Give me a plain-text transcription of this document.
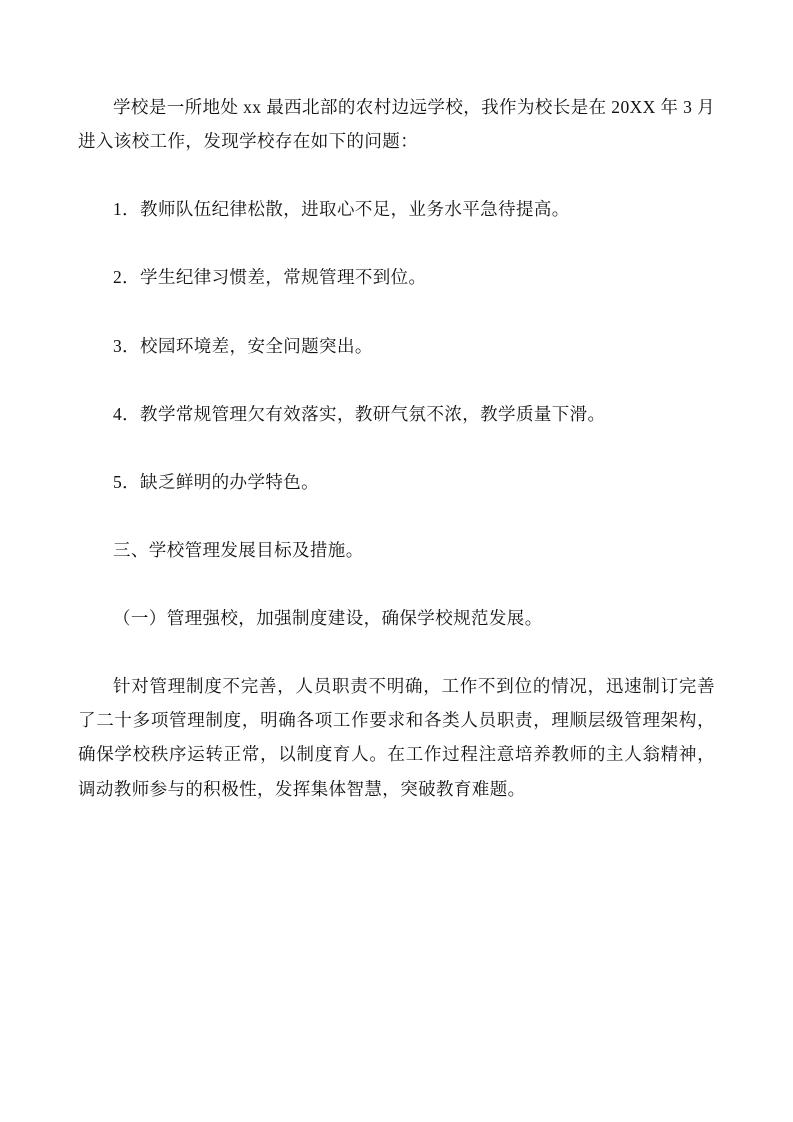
学校是一所地处 xx 最西北部的农村边远学校，我作为校长是在 20XX 年 3 月进入该校工作，发现学校存在如下的问题：

1．教师队伍纪律松散，进取心不足，业务水平急待提高。

2．学生纪律习惯差，常规管理不到位。

3．校园环境差，安全问题突出。

4．教学常规管理欠有效落实，教研气氛不浓，教学质量下滑。

5．缺乏鲜明的办学特色。

三、学校管理发展目标及措施。

（一）管理强校，加强制度建设，确保学校规范发展。

针对管理制度不完善，人员职责不明确，工作不到位的情况，迅速制订完善了二十多项管理制度，明确各项工作要求和各类人员职责，理顺层级管理架构，确保学校秩序运转正常，以制度育人。在工作过程注意培养教师的主人翁精神，调动教师参与的积极性，发挥集体智慧，突破教育难题。
